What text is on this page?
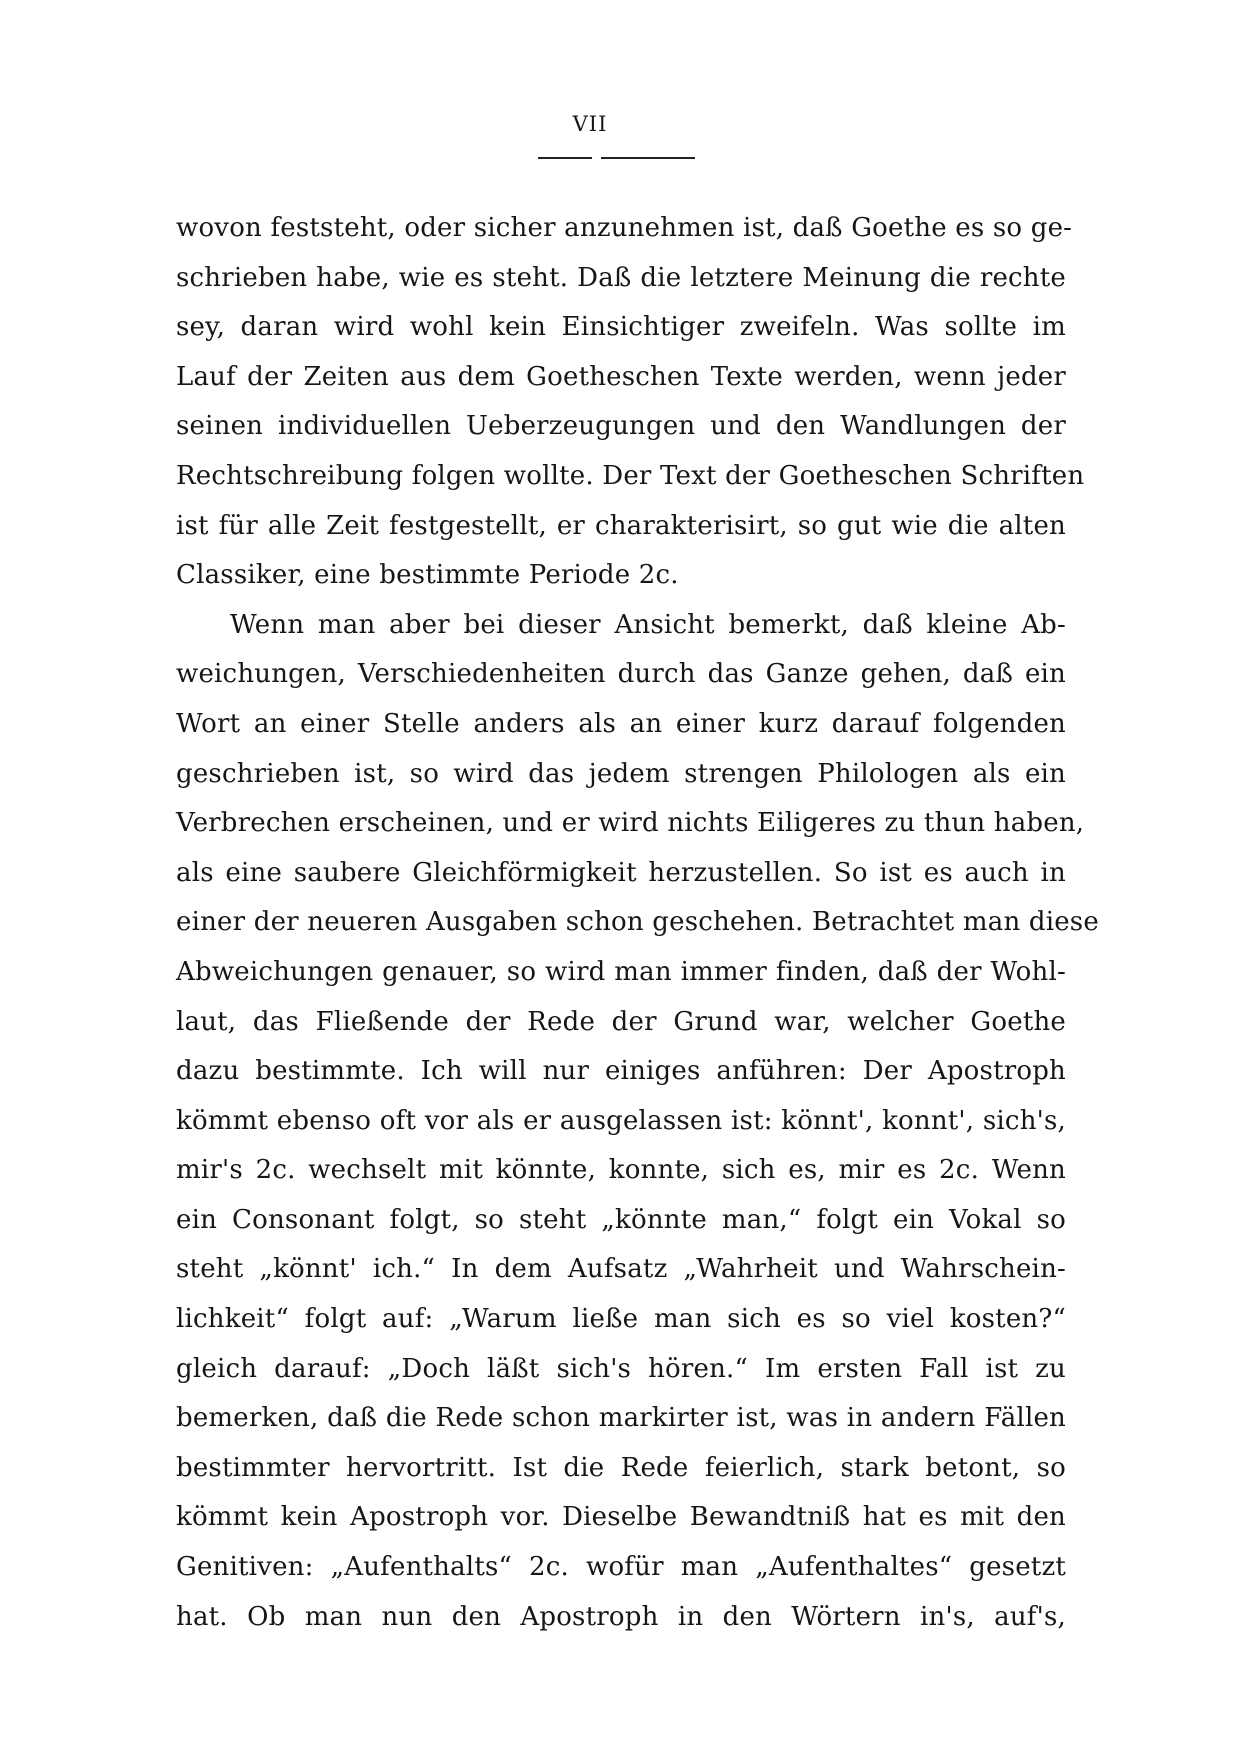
VII
wovon feststeht, oder sicher anzunehmen ist, daß Goethe es so ge-
schrieben habe, wie es steht. Daß die letztere Meinung die rechte
sey, daran wird wohl kein Einsichtiger zweifeln. Was sollte im
Lauf der Zeiten aus dem Goetheschen Texte werden, wenn jeder
seinen individuellen Ueberzeugungen und den Wandlungen der
Rechtschreibung folgen wollte. Der Text der Goetheschen Schriften
ist für alle Zeit festgestellt, er charakterisirt, so gut wie die alten
Classiker, eine bestimmte Periode 2c.
Wenn man aber bei dieser Ansicht bemerkt, daß kleine Ab-
weichungen, Verschiedenheiten durch das Ganze gehen, daß ein
Wort an einer Stelle anders als an einer kurz darauf folgenden
geschrieben ist, so wird das jedem strengen Philologen als ein
Verbrechen erscheinen, und er wird nichts Eiligeres zu thun haben,
als eine saubere Gleichförmigkeit herzustellen. So ist es auch in
einer der neueren Ausgaben schon geschehen. Betrachtet man diese
Abweichungen genauer, so wird man immer finden, daß der Wohl-
laut, das Fließende der Rede der Grund war, welcher Goethe
dazu bestimmte. Ich will nur einiges anführen: Der Apostroph
kömmt ebenso oft vor als er ausgelassen ist: könnt', konnt', sich's,
mir's 2c. wechselt mit könnte, konnte, sich es, mir es 2c. Wenn
ein Consonant folgt, so steht „könnte man,“ folgt ein Vokal so
steht „könnt' ich.“ In dem Aufsatz „Wahrheit und Wahrschein-
lichkeit“ folgt auf: „Warum ließe man sich es so viel kosten?“
gleich darauf: „Doch läßt sich's hören.“ Im ersten Fall ist zu
bemerken, daß die Rede schon markirter ist, was in andern Fällen
bestimmter hervortritt. Ist die Rede feierlich, stark betont, so
kömmt kein Apostroph vor. Dieselbe Bewandtniß hat es mit den
Genitiven: „Aufenthalts“ 2c. wofür man „Aufenthaltes“ gesetzt
hat. Ob man nun den Apostroph in den Wörtern in's, auf's,
